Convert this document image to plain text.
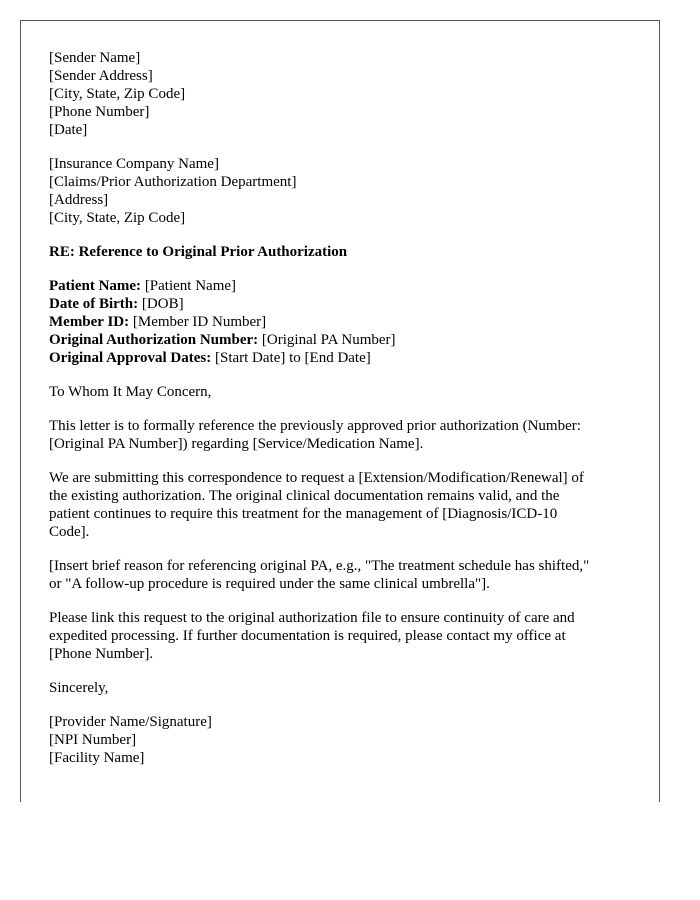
[Sender Name]
[Sender Address]
[City, State, Zip Code]
[Phone Number]
[Date]
[Insurance Company Name]
[Claims/Prior Authorization Department]
[Address]
[City, State, Zip Code]
RE: Reference to Original Prior Authorization
Patient Name: [Patient Name]
Date of Birth: [DOB]
Member ID: [Member ID Number]
Original Authorization Number: [Original PA Number]
Original Approval Dates: [Start Date] to [End Date]
To Whom It May Concern,
This letter is to formally reference the previously approved prior authorization (Number:
[Original PA Number]) regarding [Service/Medication Name].
We are submitting this correspondence to request a [Extension/Modification/Renewal] of
the existing authorization. The original clinical documentation remains valid, and the
patient continues to require this treatment for the management of [Diagnosis/ICD-10
Code].
[Insert brief reason for referencing original PA, e.g., "The treatment schedule has shifted,"
or "A follow-up procedure is required under the same clinical umbrella"].
Please link this request to the original authorization file to ensure continuity of care and
expedited processing. If further documentation is required, please contact my office at
[Phone Number].
Sincerely,
[Provider Name/Signature]
[NPI Number]
[Facility Name]
